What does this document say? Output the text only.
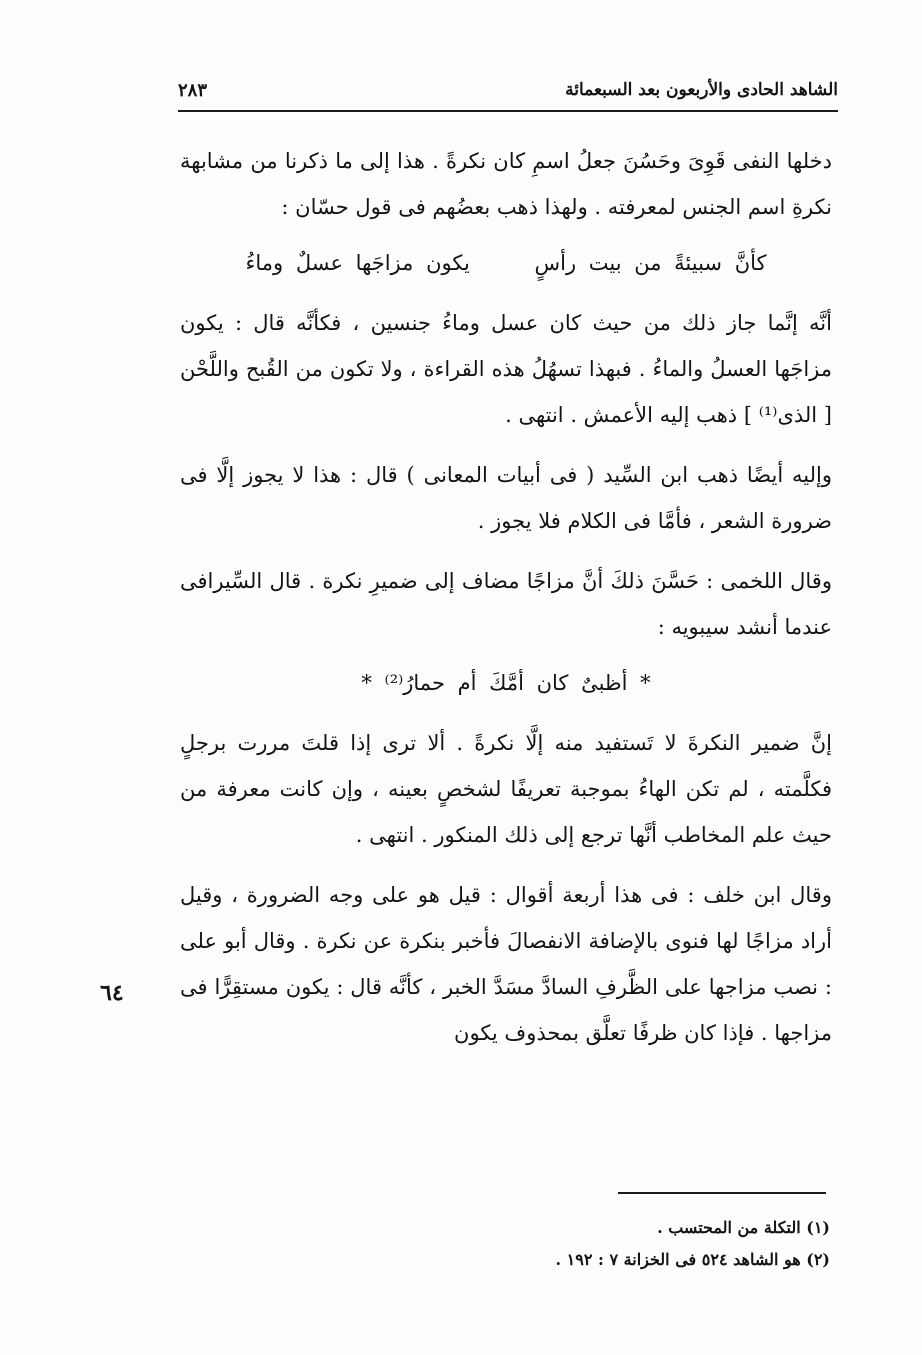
الشاهد الحادى والأربعون بعد السبعمائة
٢٨٣

دخلها النفى قَوِىَ وحَسُنَ جعلُ اسمِ كان نكرةً . هذا إلى ما ذكرنا من مشابهة نكرةِ اسم الجنس لمعرفته . ولهذا ذهب بعضُهم فى قول حسّان :

كأنَّ سبيئةً من بيت رأسٍ يكون مزاجَها عسلٌ وماءُ

أنَّه إنَّما جاز ذلك من حيث كان عسل وماءُ جنسين ، فكأنَّه قال : يكون مزاجَها العسلُ والماءُ . فبهذا تسهُلُ هذه القراءة ، ولا تكون من القُبح واللَّحْن [ الذى⁽¹⁾ ] ذهب إليه الأعمش . انتهى .

وإليه أيضًا ذهب ابن السِّيد ( فى أبيات المعانى ) قال : هذا لا يجوز إلَّا فى ضرورة الشعر ، فأمَّا فى الكلام فلا يجوز .

وقال اللخمى : حَسَّنَ ذلكَ أنَّ مزاجًا مضاف إلى ضميرِ نكرة . قال السِّيرافى عندما أنشد سيبويه :

* أظبىٌ كان أمَّكَ أم حمارُ⁽²⁾ *

إنَّ ضمير النكرةَ لا تَستفيد منه إلَّا نكرةً . ألا ترى إذا قلتَ مررت برجلٍ فكلَّمته ، لم تكن الهاءُ بموجبة تعريفًا لشخصٍ بعينه ، وإن كانت معرفة من حيث علم المخاطب أنَّها ترجع إلى ذلك المنكور . انتهى .

وقال ابن خلف : فى هذا أربعة أقوال : قيل هو على وجه الضرورة ، وقيل أراد مزاجًا لها فنوى بالإضافة الانفصالَ فأخبر بنكرة عن نكرة . وقال أبو على : نصب مزاجها على الظَّرفِ السادَّ مسَدَّ الخبر ، كأنَّه قال : يكون مستقِرًّا فى مزاجها . فإذا كان ظرفًا تعلَّق بمحذوف يكون

٦٤

(١) التكلة من المحتسب .

(٢) هو الشاهد ٥٢٤ فى الخزانة ٧ : ١٩٢ .
